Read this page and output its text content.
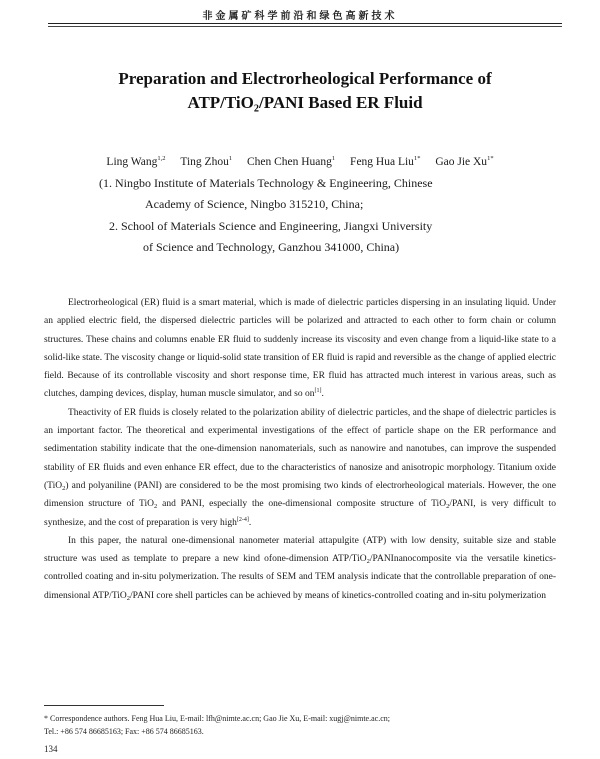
非金属矿科学前沿和绿色高新技术
Preparation and Electrorheological Performance of
ATP/TiO₂/PANI Based ER Fluid
Ling Wang$^{1,2}$ Ting Zhou$^1$ Chen Chen Huang$^1$ Feng Hua Liu$^{1*}$ Gao Jie $Xu^{1*}$
(1. Ningbo Institute of Materials Technology & Engineering, Chinese
Academy of Science, Ningbo 315210, China;
2. School of Materials Science and Engineering, Jiangxi University
of Science and Technology, Ganzhou 341000, China)

Electrorheological (ER) fluid is a smart material, which is made of dielectric particles dispersing in an insulating liquid. Under an applied electric field, the dispersed dielectric particles will be polarized and attracted to each other to form chain or column structures. These chains and columns enable ER fluid to suddenly increase its viscosity and even change from a liquid-like state to a solid-like state. The viscosity change or liquid-solid state transition of ER fluid is rapid and reversible as the change of applied electric field. Because of its controllable viscosity and short response time, ER fluid has attracted much interest in various areas, such as clutches, damping devices, display, human muscle simulator, and so on[1].

Theactivity of ER fluids is closely related to the polarization ability of dielectric particles, and the shape of dielectric particles is an important factor. The theoretical and experimental investigations of the effect of particle shape on the ER performance and sedimentation stability indicate that the one-dimension nanomaterials, such as nanowire and nanotubes, can improve the suspended stability of ER fluids and even enhance ER effect, due to the characteristics of nanosize and anisotropic morphology. Titanium oxide (TiO$_2$) and polyaniline (PANI) are considered to be the most promising two kinds of electrorheological materials. However, the one dimension structure of TiO$_2$ and PANI, especially the one-dimensional composite structure of TiO$_2$/PANI, is very difficult to synthesize, and the cost of preparation is very high[2-4].

In this paper, the natural one-dimensional nanometer material attapulgite (ATP) with low density, suitable size and stable structure was used as template to prepare a new kind ofone-dimension ATP/TiO$_2$/PANInanocomposite via the versatile kinetics-controlled coating and in-situ polymerization. The results of SEM and TEM analysis indicate that the controllable preparation of one-dimensional ATP/TiO$_2$/PANI core shell particles can be achieved by means of kinetics-controlled coating and in-situ polymerization

* Correspondence authors. Feng Hua Liu, E-mail: lfh@nimte.ac.cn; Gao Jie Xu, E-mail: xugj@nimte.ac.cn;

Tel.: +86 574 86685163; Fax: +86 574 86685163.

134
